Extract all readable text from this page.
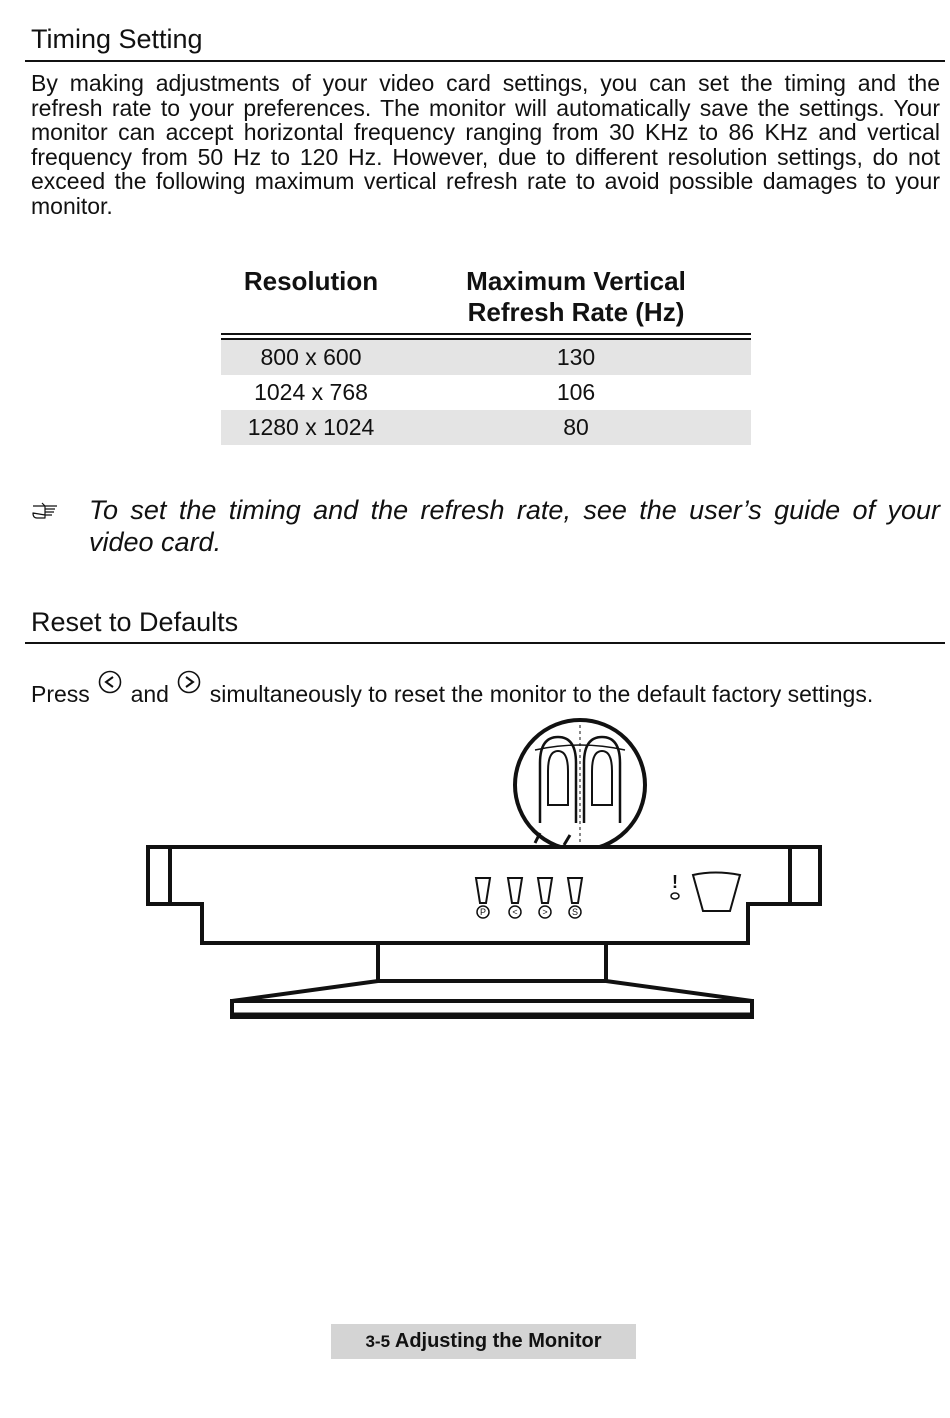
Timing Setting

By making adjustments of your video card settings, you can set the timing and the refresh rate to your preferences. The monitor will automatically save the settings. Your monitor can accept horizontal frequency ranging from 30 KHz to 86 KHz and vertical frequency from 50 Hz to 120 Hz. However, due to different resolution settings, do not exceed the following maximum vertical refresh rate to avoid possible damages to your monitor.

Resolution	Maximum Vertical
Refresh Rate (Hz)
800 x 600	130
1024 x 768	106
1280 x 1024	80

To set the timing and the refresh rate, see the user’s guide of your video card.

Reset to Defaults
Press and simultaneously to reset the monitor to the default factory settings.
P	<	>	S
!
3-5 Adjusting the Monitor
